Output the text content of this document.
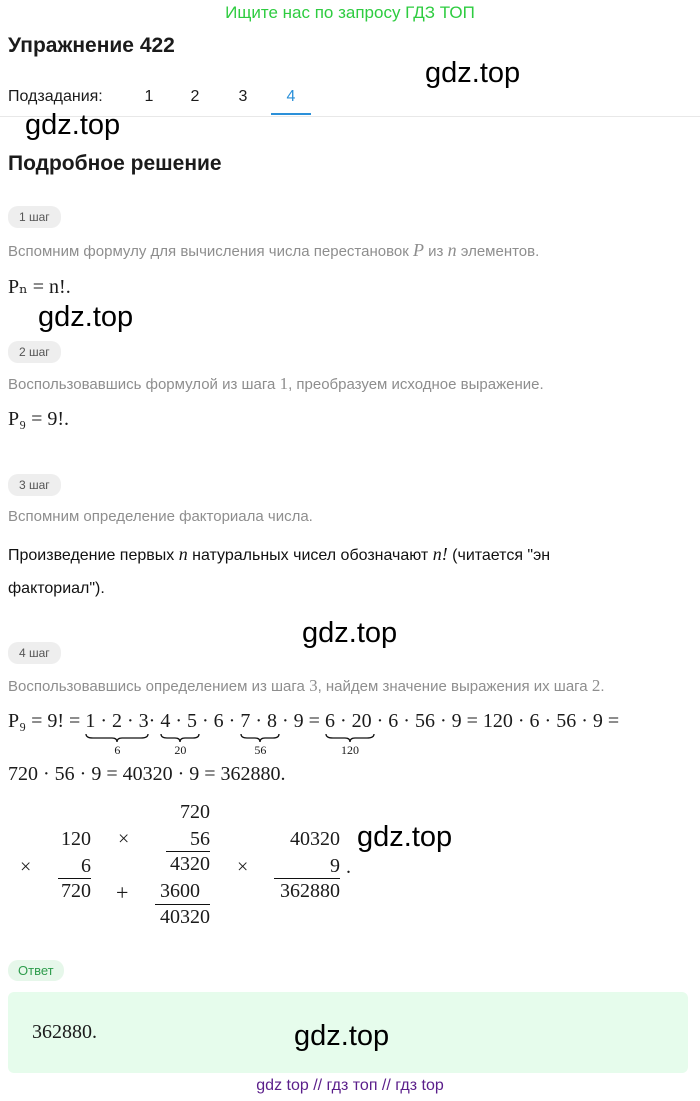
Ищите нас по запросу ГДЗ ТОП
Упражнение 422
Подзадания:	1	2	3	4
gdz.top
gdz.top
Подробное решение
1 шаг
Вспомним формулу для вычисления числа перестановок P из n элементов.
Pₙ = n!.
gdz.top
2 шаг
Воспользовавшись формулой из шага 1, преобразуем исходное выражение.
P₉ = 9!.
3 шаг
Вспомним определение факториала числа.
Произведение первых n натуральных чисел обозначают n! (читается "эн
факториал").
gdz.top
4 шаг
Воспользовавшись определением из шага 3, найдем значение выражения их шага 2.
P₉ = 9! = 1 · 2 · 3
6
· 4 · 5
20
· 6 · 7 · 8
56
· 9 = 6 · 20
120
· 6 · 56 · 9 = 120 · 6 · 56 · 9 =
720 · 56 · 9 = 40320 · 9 = 362880.
×
120
6
720
×
720
56
4320
+	3600
40320
×
40320
9
362880
.
gdz.top
Ответ
362880.	gdz.top
gdz top // гдз топ // гдз top
